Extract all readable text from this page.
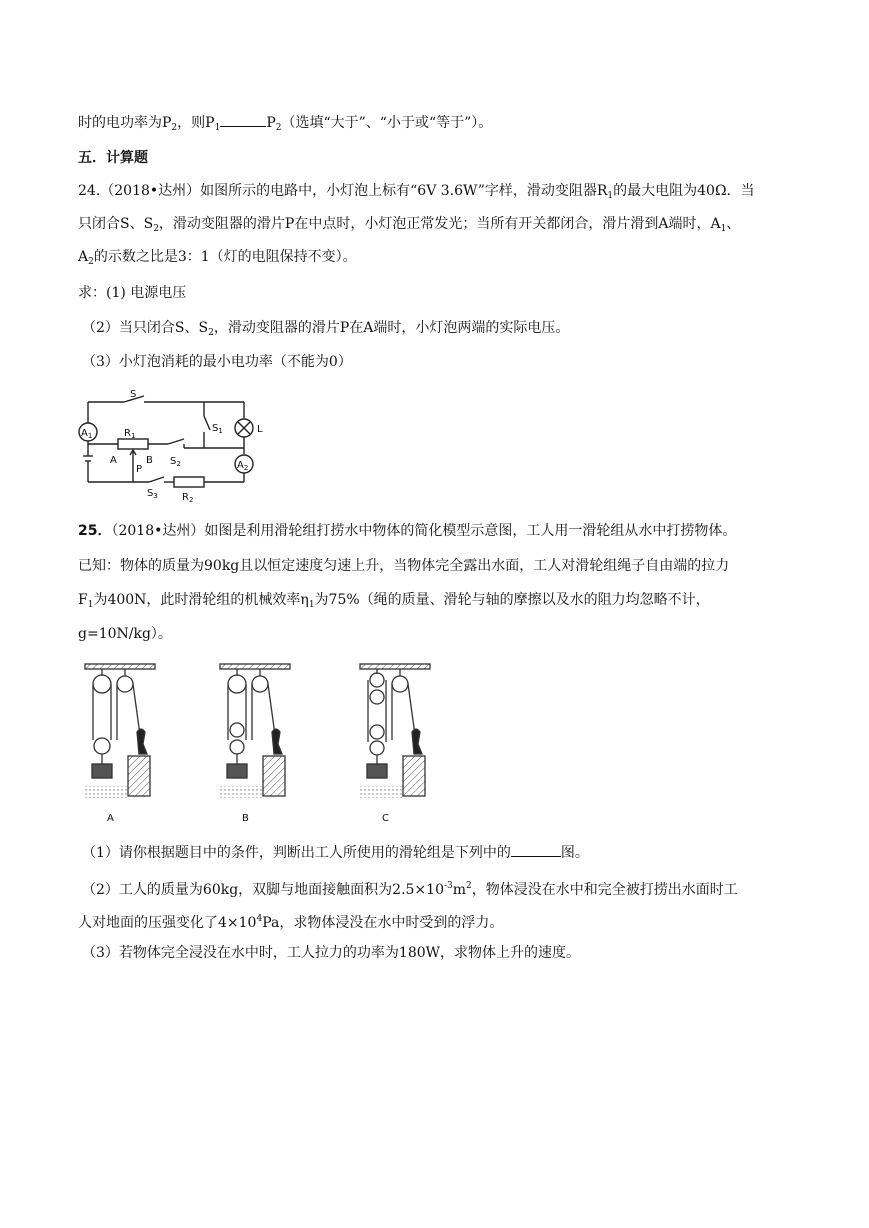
时的电功率为$P_2$，则$P_1$	$P_2$（选填“大于”、“小于或“等于”）。
五．计算题
24.（2018•达州）如图所示的电路中，小灯泡上标有“6V 3.6W”字样，滑动变阻器$R_1$的最大电阻为40Ω．当
只闭合S、$S_2$，滑动变阻器的滑片P在中点时，小灯泡正常发光；当所有开关都闭合，滑片滑到A端时，$A_1$、
$A_2$的示数之比是3：1（灯的电阻保持不变）。
求：(1) 电源电压
（2）当只闭合S、$S_2$，滑动变阻器的滑片P在A端时，小灯泡两端的实际电压。
（3）小灯泡消耗的最小电功率（不能为0）
S
$A_1$	$R_1$
$S_1$	L
A	B
P
$S_2$	$A_2$
$S_3$ $R_2$
25．（2018•达州）如图是利用滑轮组打捞水中物体的简化模型示意图，工人用一滑轮组从水中打捞物体。
已知：物体的质量为90kg且以恒定速度匀速上升，当物体完全露出水面，工人对滑轮组绳子自由端的拉力
$F_1$为400N，此时滑轮组的机械效率$\eta_1$为75%（绳的质量、滑轮与轴的摩擦以及水的阻力均忽略不计，
g=10N/kg）。
A	B	C
（1）请你根据题目中的条件，判断出工人所使用的滑轮组是下列中的	图。
（2）工人的质量为60kg，双脚与地面接触面积为$2.5\times 10^{-3}m^2$，物体浸没在水中和完全被打捞出水面时工
人对地面的压强变化了$4\times 10^4Pa$，求物体浸没在水中时受到的浮力。
（3）若物体完全浸没在水中时，工人拉力的功率为180W，求物体上升的速度。
